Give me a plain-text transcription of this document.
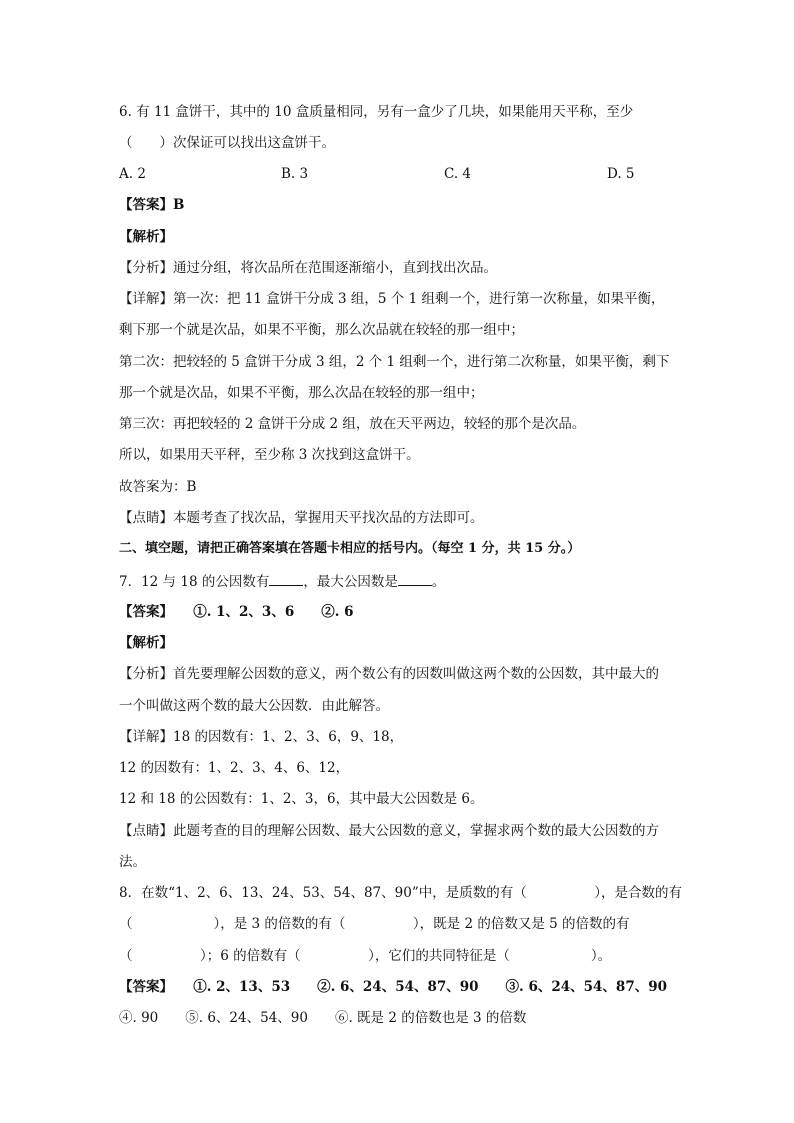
6. 有 11 盒饼干，其中的 10 盒质量相同，另有一盒少了几块，如果能用天平称，至少
（　　）次保证可以找出这盒饼干。
A. 2	B. 3	C. 4	D. 5
【答案】B
【解析】
【分析】通过分组，将次品所在范围逐渐缩小，直到找出次品。
【详解】第一次：把 11 盒饼干分成 3 组，5 个 1 组剩一个，进行第一次称量，如果平衡，
剩下那一个就是次品，如果不平衡，那么次品就在较轻的那一组中；
第二次：把较轻的 5 盒饼干分成 3 组，2 个 1 组剩一个，进行第二次称量，如果平衡，剩下
那一个就是次品，如果不平衡，那么次品在较轻的那一组中；
第三次：再把较轻的 2 盒饼干分成 2 组，放在天平两边，较轻的那个是次品。
所以，如果用天平秤，至少称 3 次找到这盒饼干。
故答案为：B
【点睛】本题考查了找次品，掌握用天平找次品的方法即可。
二、填空题，请把正确答案填在答题卡相应的括号内。（每空 1 分，共 15 分。）
7．12 与 18 的公因数有	，最大公因数是	。
【答案】　　①. 1、2、3、6　　②. 6
【解析】
【分析】首先要理解公因数的意义，两个数公有的因数叫做这两个数的公因数，其中最大的
一个叫做这两个数的最大公因数．由此解答。
【详解】18 的因数有：1、2、3、6，9、18，
12 的因数有：1、2、3、4、6、12，
12 和 18 的公因数有：1、2、3，6，其中最大公因数是 6。
【点睛】此题考查的目的理解公因数、最大公因数的意义，掌握求两个数的最大公因数的方
法。
8．在数“1、2、6、13、24、53、54、87、90”中，是质数的有（　　　　　），是合数的有
（　　　　　　），是 3 的倍数的有（　　　　　），既是 2 的倍数又是 5 的倍数的有
（　　　　　）；6 的倍数有（　　　　　），它们的共同特征是（　　　　　　）。
【答案】　　①. 2、13、53　　②. 6、24、54、87、90　　③. 6、24、54、87、90
④. 90　　⑤. 6、24、54、90　　⑥. 既是 2 的倍数也是 3 的倍数
